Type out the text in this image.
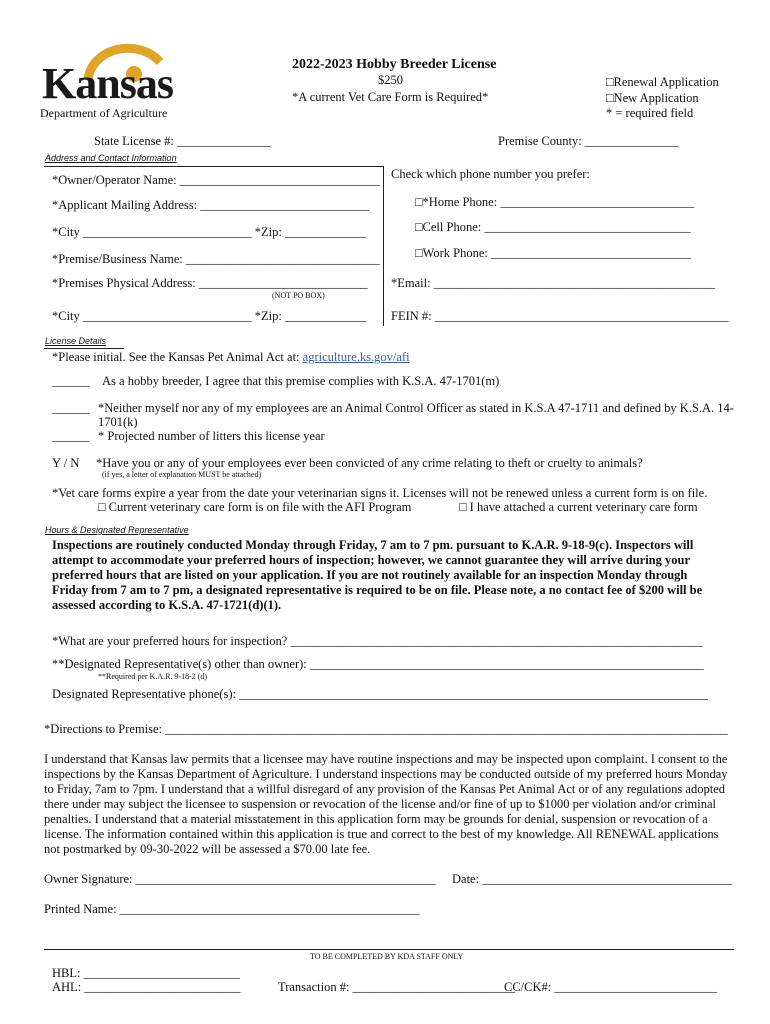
Kansas
Department of Agriculture
2022-2023 Hobby Breeder License
$250
*A current Vet Care Form is Required*
□Renewal Application
□New Application
* = required field
State License #: _______________	Premise County: _______________
Address and Contact Information
*Owner/Operator Name: ________________________________
*Applicant Mailing Address: ___________________________
*City ___________________________ *Zip: _____________
*Premise/Business Name: _______________________________
*Premises Physical Address: ___________________________
(NOT PO BOX)
*City ___________________________ *Zip: _____________
Check which phone number you prefer:
□*Home Phone: _______________________________
□Cell Phone: _________________________________
□Work Phone: ________________________________
*Email: _____________________________________________
FEIN #: _______________________________________________
License Details
*Please initial. See the Kansas Pet Animal Act at: agriculture.ks.gov/afi
______ As a hobby breeder, I agree that this premise complies with K.S.A. 47-1701(m)
______ *Neither myself nor any of my employees are an Animal Control Officer as stated in K.S.A 47-1711 and defined by K.S.A. 14-1701(k)
______ * Projected number of litters this license year
Y / N *Have you or any of your employees ever been convicted of any crime relating to theft or cruelty to animals?
(if yes, a letter of explanation MUST be attached)
*Vet care forms expire a year from the date your veterinarian signs it. Licenses will not be renewed unless a current form is on file.
□ Current veterinary care form is on file with the AFI Program	□ I have attached a current veterinary care form
Hours & Designated Representative
Inspections are routinely conducted Monday through Friday, 7 am to 7 pm. pursuant to K.A.R. 9-18-9(c). Inspectors will attempt to accommodate your preferred hours of inspection; however, we cannot guarantee they will arrive during your preferred hours that are listed on your application. If you are not routinely available for an inspection Monday through Friday from 7 am to 7 pm, a designated representative is required to be on file. Please note, a no contact fee of $200 will be assessed according to K.S.A. 47-1721(d)(1).
*What are your preferred hours for inspection? __________________________________________________________________
**Designated Representative(s) other than owner): _______________________________________________________________
**Required per K.A.R. 9-18-2 (d)
Designated Representative phone(s): ___________________________________________________________________________
*Directions to Premise: __________________________________________________________________________________________
I understand that Kansas law permits that a licensee may have routine inspections and may be inspected upon complaint. I consent to the inspections by the Kansas Department of Agriculture. I understand inspections may be conducted outside of my preferred hours Monday to Friday, 7am to 7pm. I understand that a willful disregard of any provision of the Kansas Pet Animal Act or of any regulations adopted there under may subject the licensee to suspension or revocation of the license and/or fine of up to $1000 per violation and/or criminal penalties. I understand that a material misstatement in this application form may be grounds for denial, suspension or revocation of a license. The information contained within this application is true and correct to the best of my knowledge. All RENEWAL applications not postmarked by 09-30-2022 will be assessed a $70.00 late fee.
Owner Signature: ________________________________________________ Date: ________________________________________
Printed Name: ________________________________________________
TO BE COMPLETED BY KDA STAFF ONLY
HBL: _________________________
AHL: _________________________	Transaction #: __________________________
CC/CK#: __________________________
